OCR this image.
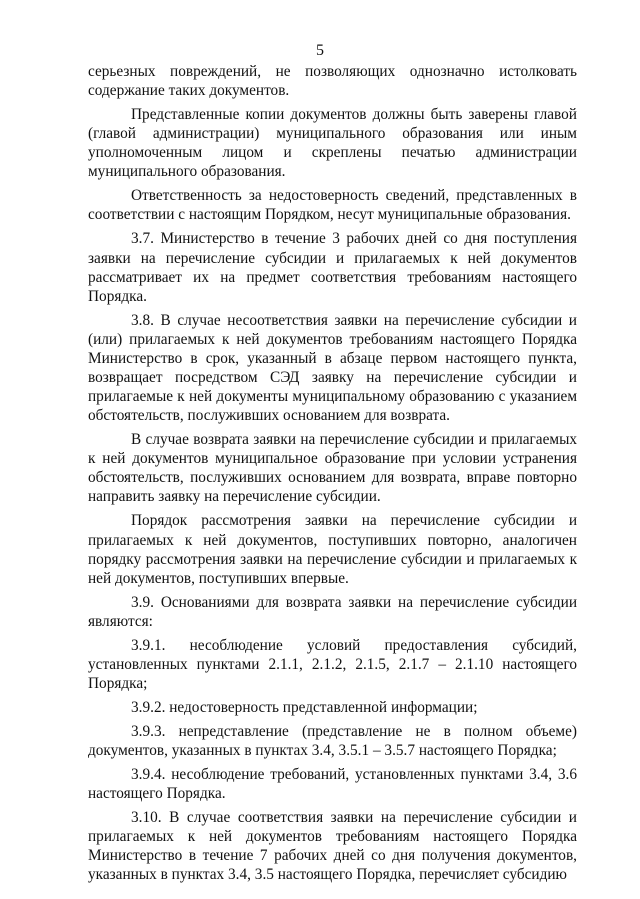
5

серьезных повреждений, не позволяющих однозначно истолковать содержание таких документов.

Представленные копии документов должны быть заверены главой (главой администрации) муниципального образования или иным уполномоченным лицом и скреплены печатью администрации муниципального образования.

Ответственность за недостоверность сведений, представленных в соответствии с настоящим Порядком, несут муниципальные образования.

3.7. Министерство в течение 3 рабочих дней со дня поступления заявки на перечисление субсидии и прилагаемых к ней документов рассматривает их на предмет соответствия требованиям настоящего Порядка.

3.8. В случае несоответствия заявки на перечисление субсидии и (или) прилагаемых к ней документов требованиям настоящего Порядка Министерство в срок, указанный в абзаце первом настоящего пункта, возвращает посредством СЭД заявку на перечисление субсидии и прилагаемые к ней документы муниципальному образованию с указанием обстоятельств, послуживших основанием для возврата.

В случае возврата заявки на перечисление субсидии и прилагаемых к ней документов муниципальное образование при условии устранения обстоятельств, послуживших основанием для возврата, вправе повторно направить заявку на перечисление субсидии.

Порядок рассмотрения заявки на перечисление субсидии и прилагаемых к ней документов, поступивших повторно, аналогичен порядку рассмотрения заявки на перечисление субсидии и прилагаемых к ней документов, поступивших впервые.

3.9. Основаниями для возврата заявки на перечисление субсидии являются:

3.9.1. несоблюдение условий предоставления субсидий, установленных пунктами 2.1.1, 2.1.2, 2.1.5, 2.1.7 – 2.1.10 настоящего Порядка;

3.9.2. недостоверность представленной информации;

3.9.3. непредставление (представление не в полном объеме) документов, указанных в пунктах 3.4, 3.5.1 – 3.5.7 настоящего Порядка;

3.9.4. несоблюдение требований, установленных пунктами 3.4, 3.6 настоящего Порядка.

3.10. В случае соответствия заявки на перечисление субсидии и прилагаемых к ней документов требованиям настоящего Порядка Министерство в течение 7 рабочих дней со дня получения документов, указанных в пунктах 3.4, 3.5 настоящего Порядка, перечисляет субсидию
